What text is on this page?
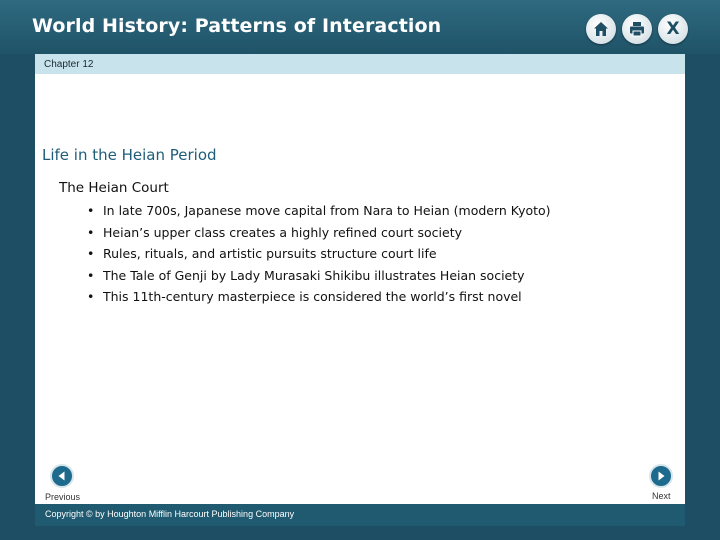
World History: Patterns of Interaction	X
Chapter 12
Life in the Heian Period
The Heian Court
• In late 700s, Japanese move capital from Nara to Heian (modern Kyoto)
• Heian’s upper class creates a highly refined court society
• Rules, rituals, and artistic pursuits structure court life
• The Tale of Genji by Lady Murasaki Shikibu illustrates Heian society
• This 11th-century masterpiece is considered the world’s first novel
Previous	Next
Copyright © by Houghton Mifflin Harcourt Publishing Company
